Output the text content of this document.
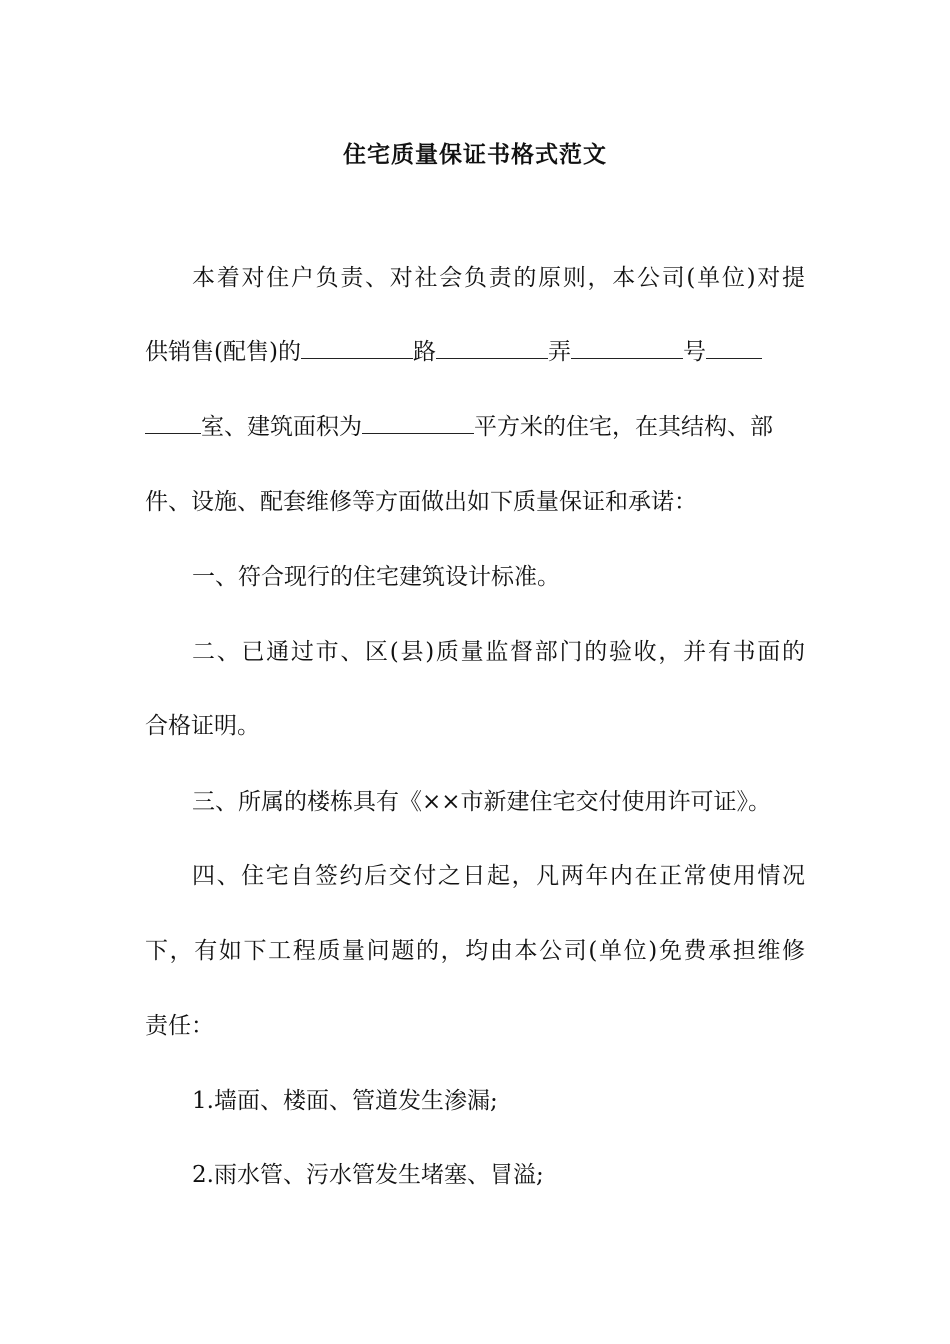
住宅质量保证书格式范文
本着对住户负责、对社会负责的原则，本公司(单位)对提
供销售(配售)的	路	弄	号
室、建筑面积为	平方米的住宅，在其结构、部
件、设施、配套维修等方面做出如下质量保证和承诺：
一、符合现行的住宅建筑设计标准。
二、已通过市、区(县)质量监督部门的验收，并有书面的
合格证明。
三、所属的楼栋具有《××市新建住宅交付使用许可证》。
四、住宅自签约后交付之日起，凡两年内在正常使用情况
下，有如下工程质量问题的，均由本公司(单位)免费承担维修
责任：
1.墙面、楼面、管道发生渗漏;
2.雨水管、污水管发生堵塞、冒溢;
